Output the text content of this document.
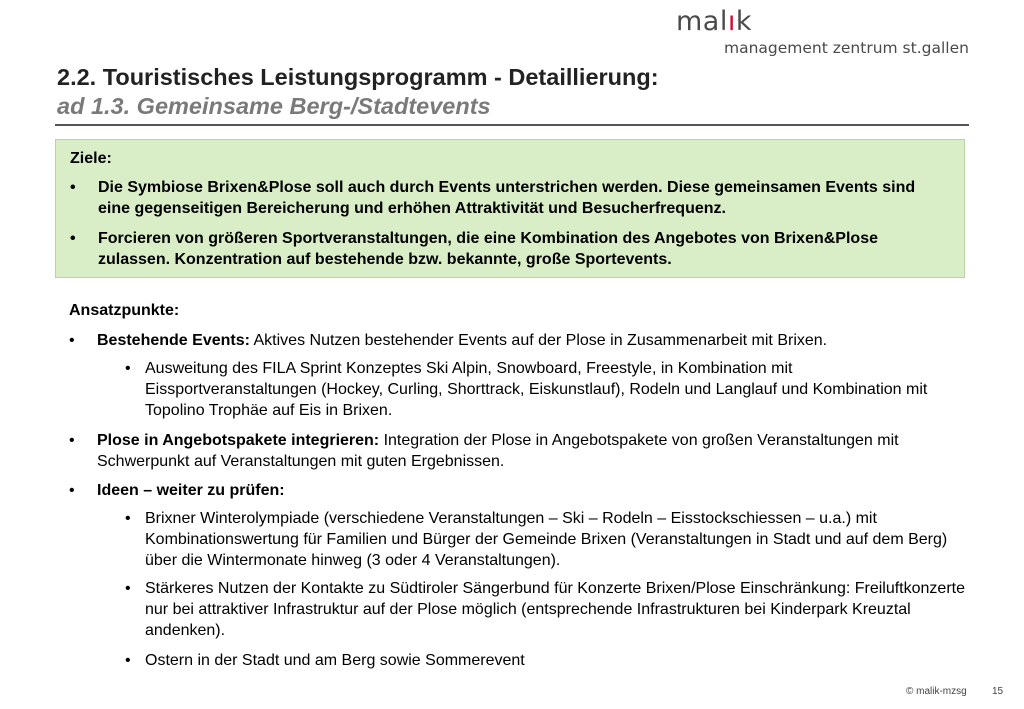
malık
management zentrum st.gallen
2.2. Touristisches Leistungsprogramm - Detaillierung:
ad 1.3. Gemeinsame Berg-/Stadtevents
Ziele:
• Die Symbiose Brixen&Plose soll auch durch Events unterstrichen werden. Diese gemeinsamen Events sind eine gegenseitigen Bereicherung und erhöhen Attraktivität und Besucherfrequenz.
• Forcieren von größeren Sportveranstaltungen, die eine Kombination des Angebotes von Brixen&Plose zulassen. Konzentration auf bestehende bzw. bekannte, große Sportevents.
Ansatzpunkte:
• Bestehende Events: Aktives Nutzen bestehender Events auf der Plose in Zusammenarbeit mit Brixen.
• Ausweitung des FILA Sprint Konzeptes Ski Alpin, Snowboard, Freestyle, in Kombination mit Eissportveranstaltungen (Hockey, Curling, Shorttrack, Eiskunstlauf), Rodeln und Langlauf und Kombination mit Topolino Trophäe auf Eis in Brixen.
• Plose in Angebotspakete integrieren: Integration der Plose in Angebotspakete von großen Veranstaltungen mit Schwerpunkt auf Veranstaltungen mit guten Ergebnissen.
• Ideen – weiter zu prüfen:
• Brixner Winterolympiade (verschiedene Veranstaltungen – Ski – Rodeln – Eisstockschiessen – u.a.) mit Kombinationswertung für Familien und Bürger der Gemeinde Brixen (Veranstaltungen in Stadt und auf dem Berg) über die Wintermonate hinweg (3 oder 4 Veranstaltungen).
• Stärkeres Nutzen der Kontakte zu Südtiroler Sängerbund für Konzerte Brixen/Plose Einschränkung: Freiluftkonzerte nur bei attraktiver Infrastruktur auf der Plose möglich (entsprechende Infrastrukturen bei Kinderpark Kreuztal andenken).
• Ostern in der Stadt und am Berg sowie Sommerevent
© malik-mzsg	15
